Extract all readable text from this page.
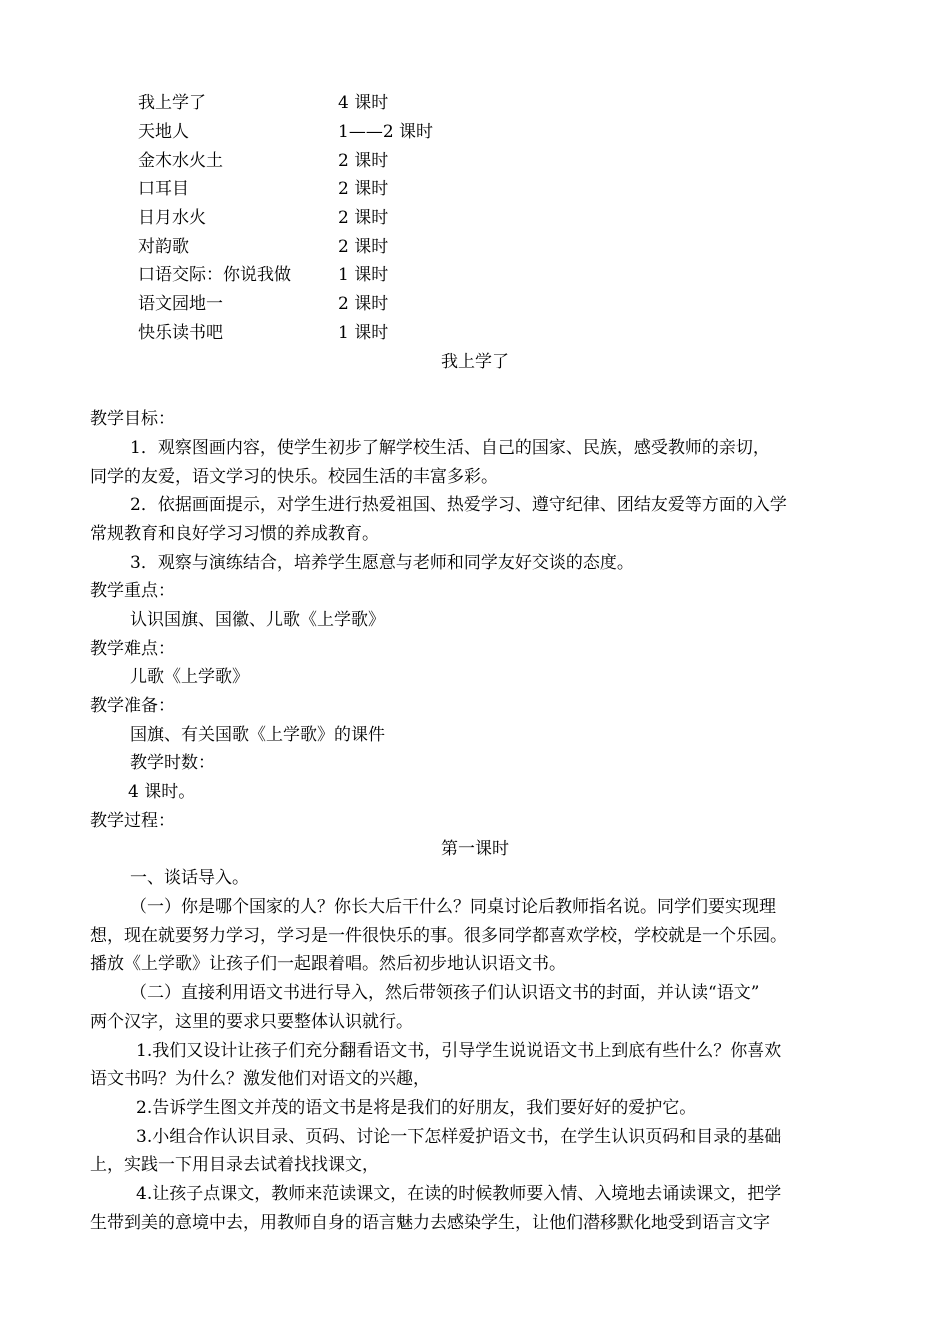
我上学了	4 课时
天地人	1——2 课时
金木水火土	2 课时
口耳目	2 课时
日月水火	2 课时
对韵歌	2 课时
口语交际：你说我做	1 课时
语文园地一	2 课时
快乐读书吧	1 课时
我上学了
教学目标：
1．观察图画内容，使学生初步了解学校生活、自己的国家、民族，感受教师的亲切，
同学的友爱，语文学习的快乐。校园生活的丰富多彩。
2．依据画面提示，对学生进行热爱祖国、热爱学习、遵守纪律、团结友爱等方面的入学
常规教育和良好学习习惯的养成教育。
3．观察与演练结合，培养学生愿意与老师和同学友好交谈的态度。
教学重点：
认识国旗、国徽、儿歌《上学歌》
教学难点：
儿歌《上学歌》
教学准备：
国旗、有关国歌《上学歌》的课件
教学时数：
4 课时。
教学过程：
第一课时
一、谈话导入。
（一）你是哪个国家的人？你长大后干什么？同桌讨论后教师指名说。同学们要实现理
想，现在就要努力学习，学习是一件很快乐的事。很多同学都喜欢学校，学校就是一个乐园。
播放《上学歌》让孩子们一起跟着唱。然后初步地认识语文书。
（二）直接利用语文书进行导入，然后带领孩子们认识语文书的封面，并认读“语文”
两个汉字，这里的要求只要整体认识就行。
1.我们又设计让孩子们充分翻看语文书，引导学生说说语文书上到底有些什么？你喜欢
语文书吗？为什么？激发他们对语文的兴趣，
2.告诉学生图文并茂的语文书是将是我们的好朋友，我们要好好的爱护它。
3.小组合作认识目录、页码、讨论一下怎样爱护语文书，在学生认识页码和目录的基础
上，实践一下用目录去试着找找课文，
4.让孩子点课文，教师来范读课文，在读的时候教师要入情、入境地去诵读课文，把学
生带到美的意境中去，用教师自身的语言魅力去感染学生，让他们潜移默化地受到语言文字
